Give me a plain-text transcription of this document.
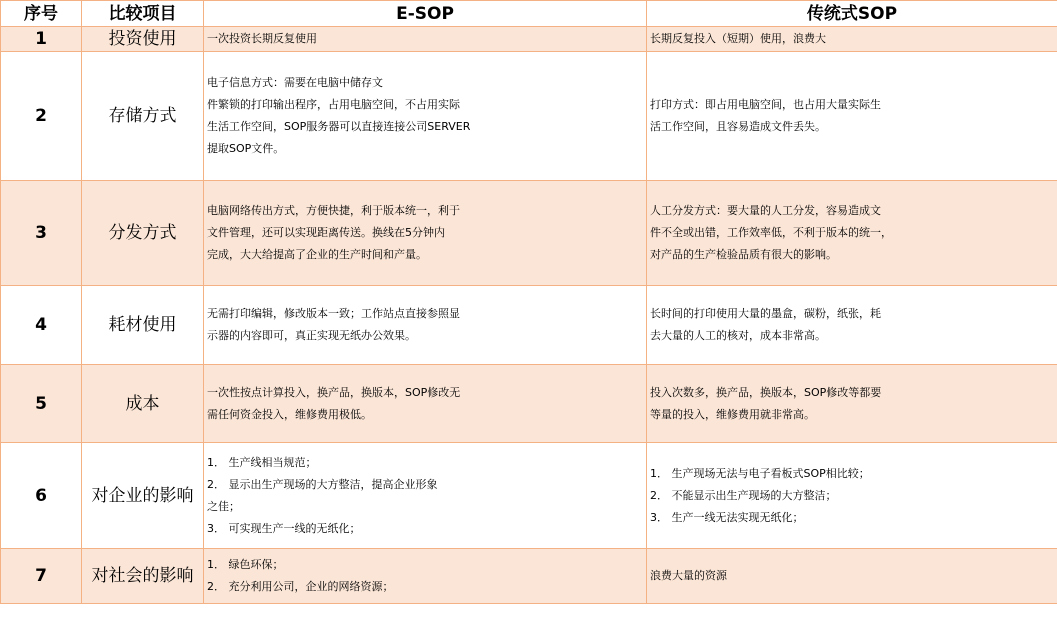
序号	比较项目	E-SOP	传统式SOP
1	投资使用	一次投资长期反复使用	长期反复投入（短期）使用，浪费大

2	存储方式	电子信息方式：需要在电脑中储存文
件繁锁的打印输出程序，占用电脑空间，不占用实际
生活工作空间，SOP服务器可以直接连接公司SERVER
提取SOP文件。	打印方式：即占用电脑空间，也占用大量实际生
活工作空间，且容易造成文件丢失。

3	分发方式	电脑网络传出方式，方便快捷，利于版本统一，利于
文件管理，还可以实现距离传送。换线在5分钟内
完成，大大给提高了企业的生产时间和产量。	人工分发方式：要大量的人工分发，容易造成文
件不全或出错，工作效率低，不利于版本的统一，
对产品的生产检验品质有很大的影响。

4	耗材使用	无需打印编辑，修改版本一致；工作站点直接参照显
示器的内容即可，真正实现无纸办公效果。	长时间的打印使用大量的墨盒，碳粉，纸张，耗
去大量的人工的核对，成本非常高。

5	成本	一次性按点计算投入，换产品，换版本，SOP修改无
需任何资金投入，维修费用极低。	投入次数多，换产品，换版本，SOP修改等都要
等量的投入，维修费用就非常高。

6	对企业的影响	1． 生产线相当规范；
2． 显示出生产现场的大方整洁，提高企业形象
之佳；
3． 可实现生产一线的无纸化；	1． 生产现场无法与电子看板式SOP相比较；
2． 不能显示出生产现场的大方整洁；
3． 生产一线无法实现无纸化；

7	对社会的影响	1． 绿色环保；
2． 充分利用公司，企业的网络资源；	浪费大量的资源
